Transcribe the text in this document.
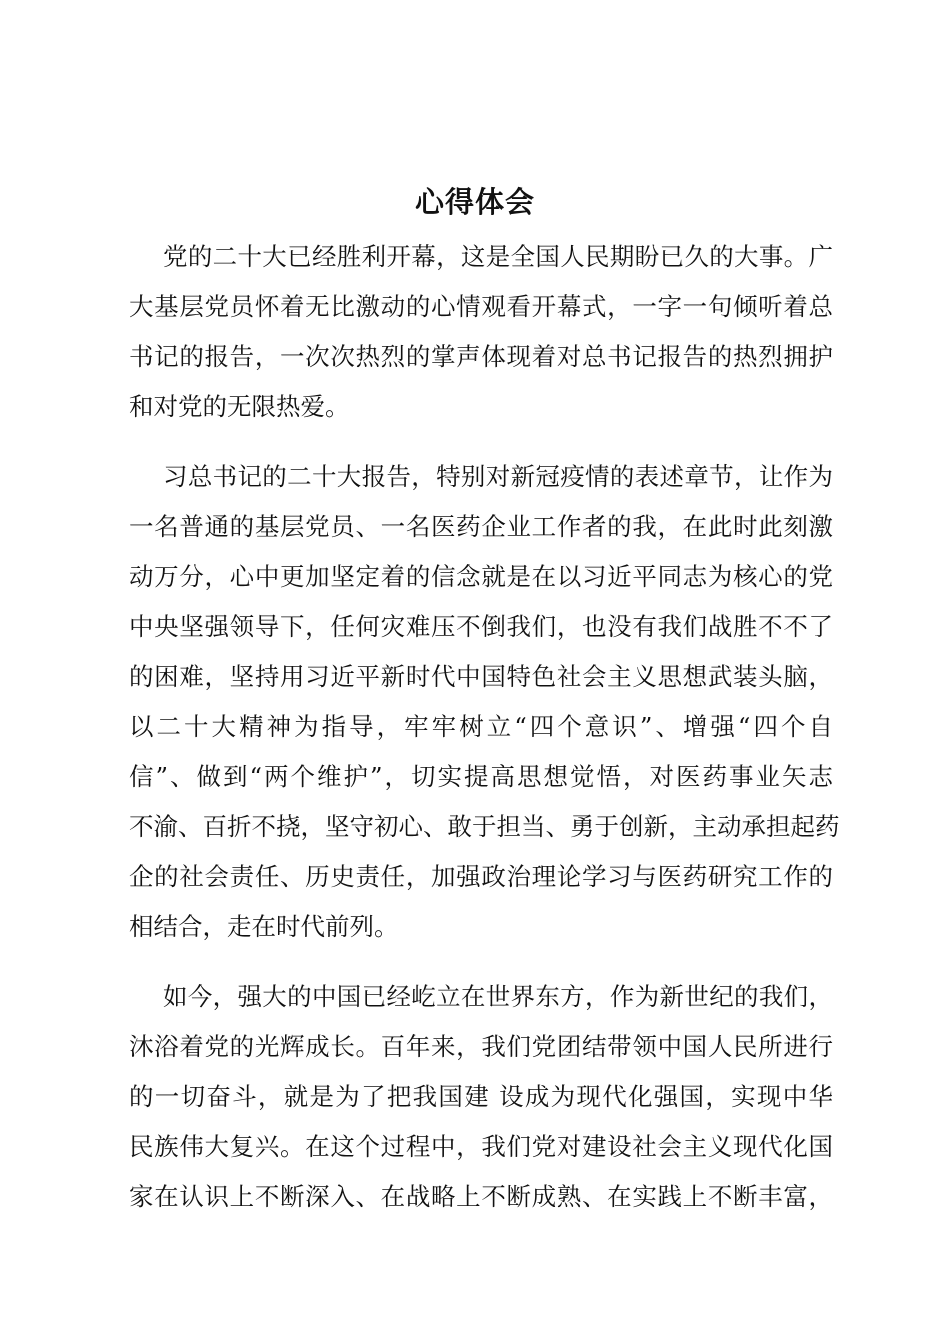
心得体会
党的二十大已经胜利开幕，这是全国人民期盼已久的大事。广
大基层党员怀着无比激动的心情观看开幕式，一字一句倾听着总
书记的报告，一次次热烈的掌声体现着对总书记报告的热烈拥护
和对党的无限热爱。
习总书记的二十大报告，特别对新冠疫情的表述章节，让作为
一名普通的基层党员、一名医药企业工作者的我，在此时此刻激
动万分，心中更加坚定着的信念就是在以习近平同志为核心的党
中央坚强领导下，任何灾难压不倒我们，也没有我们战胜不不了
的困难，坚持用习近平新时代中国特色社会主义思想武装头脑，
以二十大精神为指导，牢牢树立“四个意识”、增强“四个自
信”、做到“两个维护”，切实提高思想觉悟，对医药事业矢志
不渝、百折不挠，坚守初心、敢于担当、勇于创新，主动承担起药
企的社会责任、历史责任，加强政治理论学习与医药研究工作的
相结合，走在时代前列。
如今，强大的中国已经屹立在世界东方，作为新世纪的我们，
沐浴着党的光辉成长。百年来，我们党团结带领中国人民所进行
的一切奋斗，就是为了把我国建 设成为现代化强国，实现中华
民族伟大复兴。在这个过程中，我们党对建设社会主义现代化国
家在认识上不断深入、在战略上不断成熟、在实践上不断丰富，
